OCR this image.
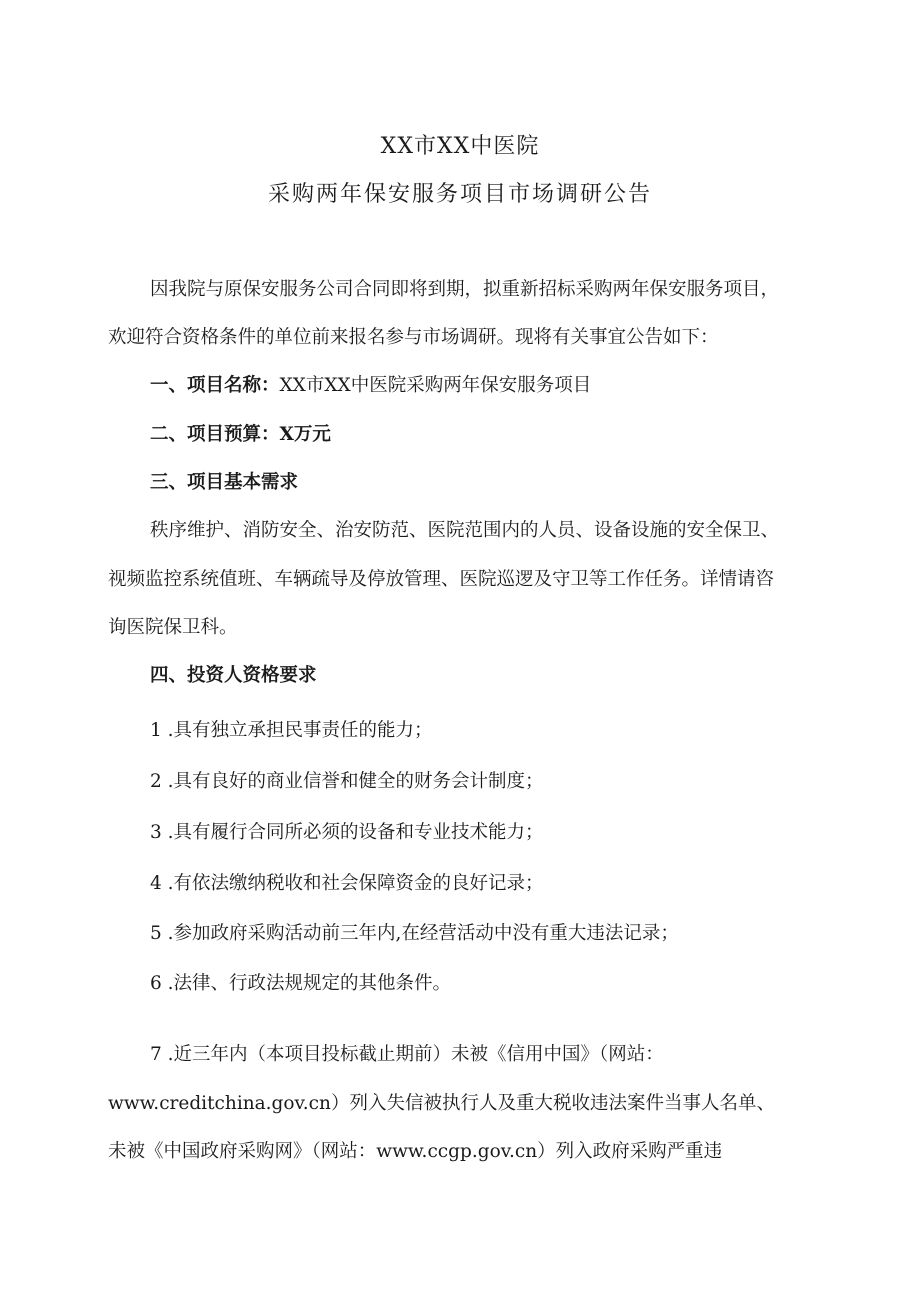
XX市XX中医院
采购两年保安服务项目市场调研公告
因我院与原保安服务公司合同即将到期，拟重新招标采购两年保安服务项目，
欢迎符合资格条件的单位前来报名参与市场调研。现将有关事宜公告如下：
一、项目名称：XX市XX中医院采购两年保安服务项目
二、项目预算：X万元
三、项目基本需求
秩序维护、消防安全、治安防范、医院范围内的人员、设备设施的安全保卫、
视频监控系统值班、车辆疏导及停放管理、医院巡逻及守卫等工作任务。详情请咨
询医院保卫科。
四、投资人资格要求
1 .具有独立承担民事责任的能力；
2 .具有良好的商业信誉和健全的财务会计制度；
3 .具有履行合同所必须的设备和专业技术能力；
4 .有依法缴纳税收和社会保障资金的良好记录；
5 .参加政府采购活动前三年内,在经营活动中没有重大违法记录；
6 .法律、行政法规规定的其他条件。
7 .近三年内（本项目投标截止期前）未被《信用中国》（网站：
www.creditchina.gov.cn）列入失信被执行人及重大税收违法案件当事人名单、
未被《中国政府采购网》（网站：www.ccgp.gov.cn）列入政府采购严重违
